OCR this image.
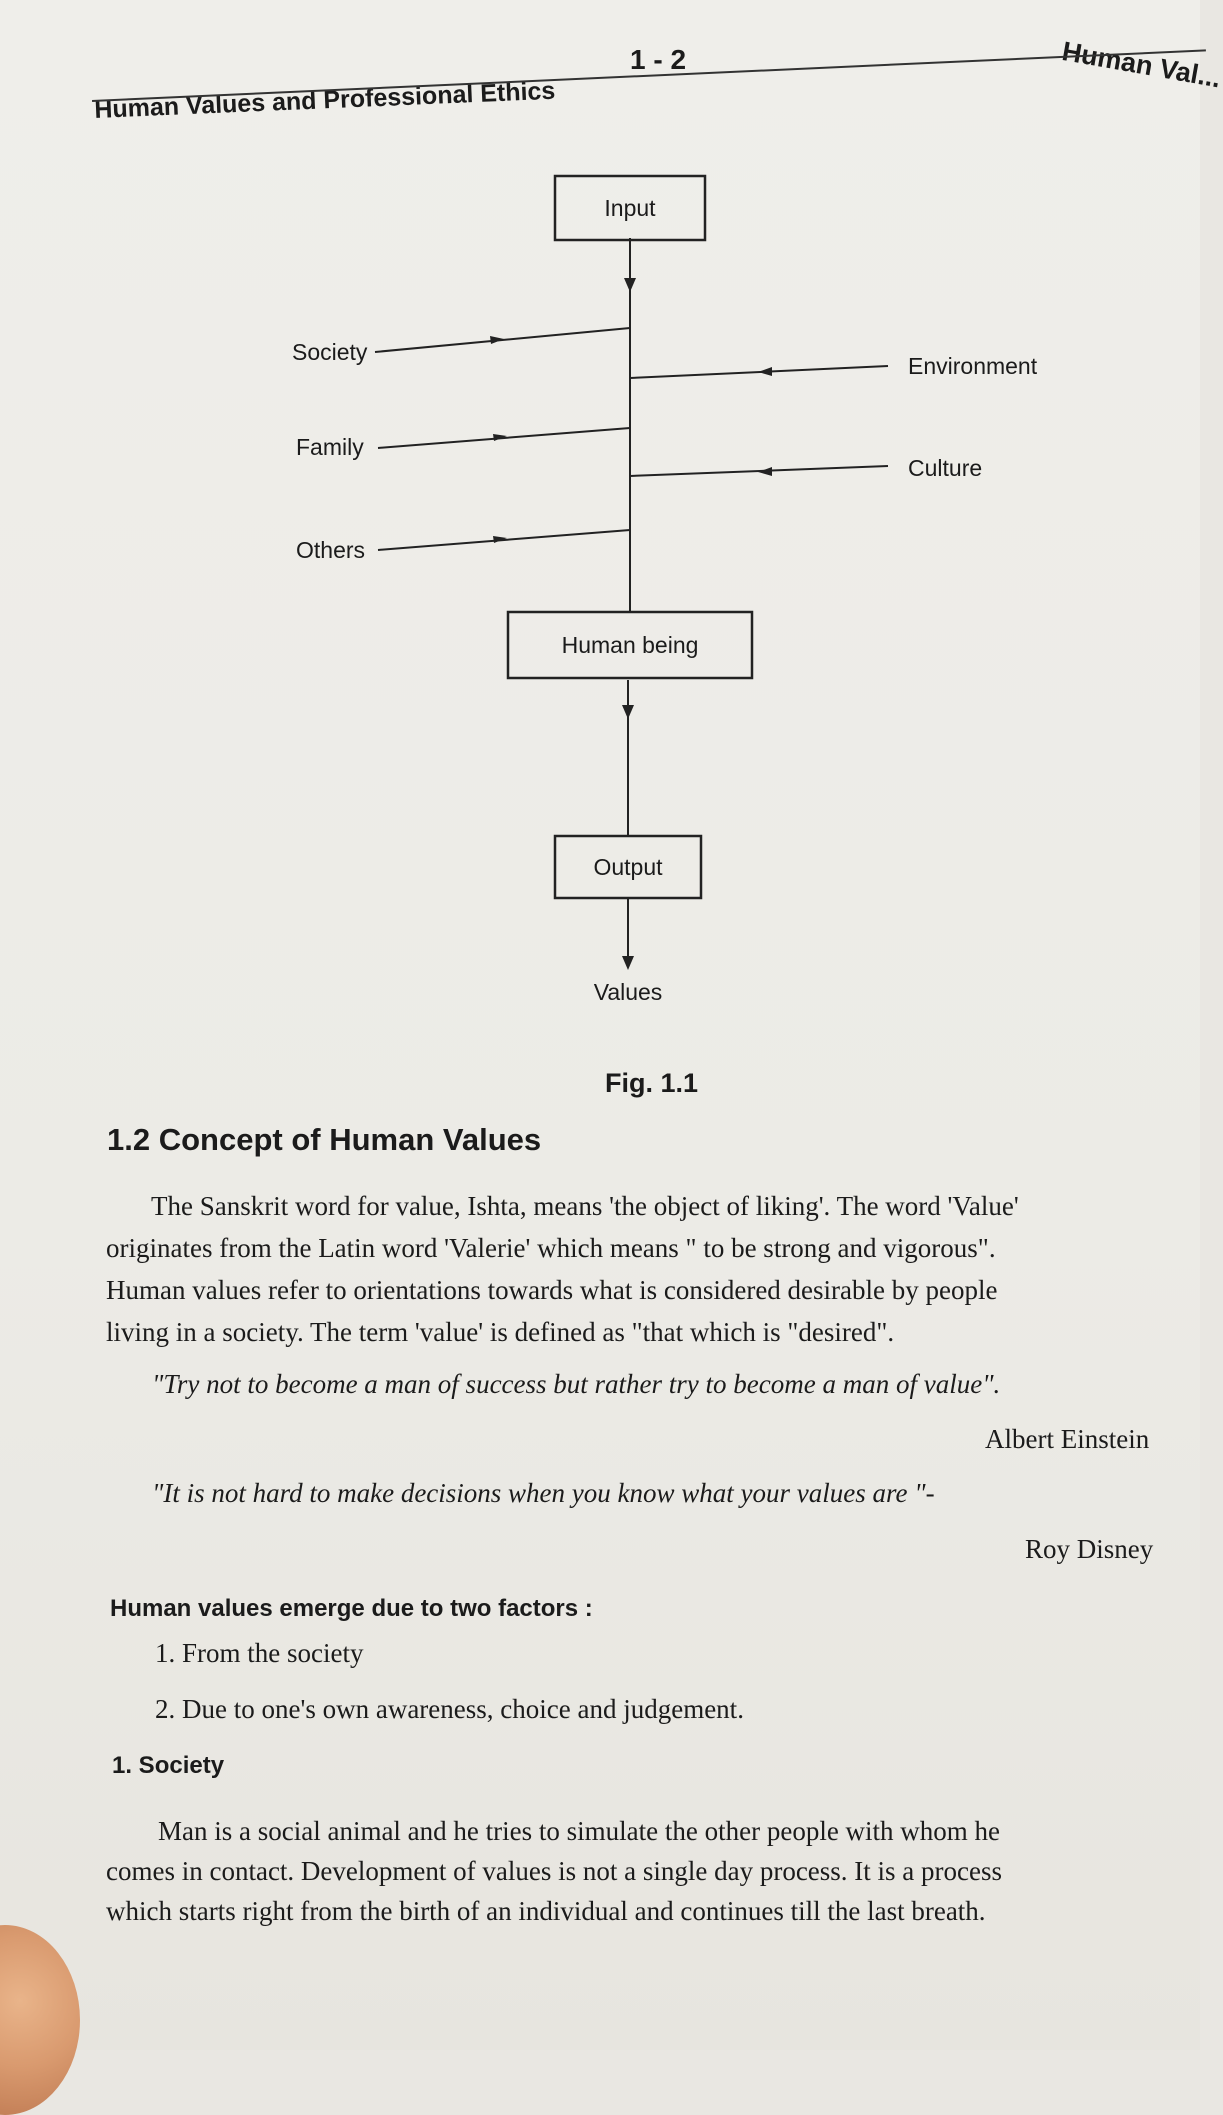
Human Values and Professional Ethics
1 - 2	Human Val...
Input
Human being
Output
Values
Society
Family
Others
Environment
Culture
Fig. 1.1
1.2 Concept of Human Values
The Sanskrit word for value, Ishta, means 'the object of liking'. The word 'Value'
originates from the Latin word 'Valerie' which means " to be strong and vigorous".
Human values refer to orientations towards what is considered desirable by people
living in a society. The term 'value' is defined as "that which is "desired".
"Try not to become a man of success but rather try to become a man of value".
Albert Einstein
"It is not hard to make decisions when you know what your values are "-
Roy Disney
Human values emerge due to two factors :
1. From the society
2. Due to one's own awareness, choice and judgement.
1. Society
Man is a social animal and he tries to simulate the other people with whom he
comes in contact. Development of values is not a single day process. It is a process
which starts right from the birth of an individual and continues till the last breath.
